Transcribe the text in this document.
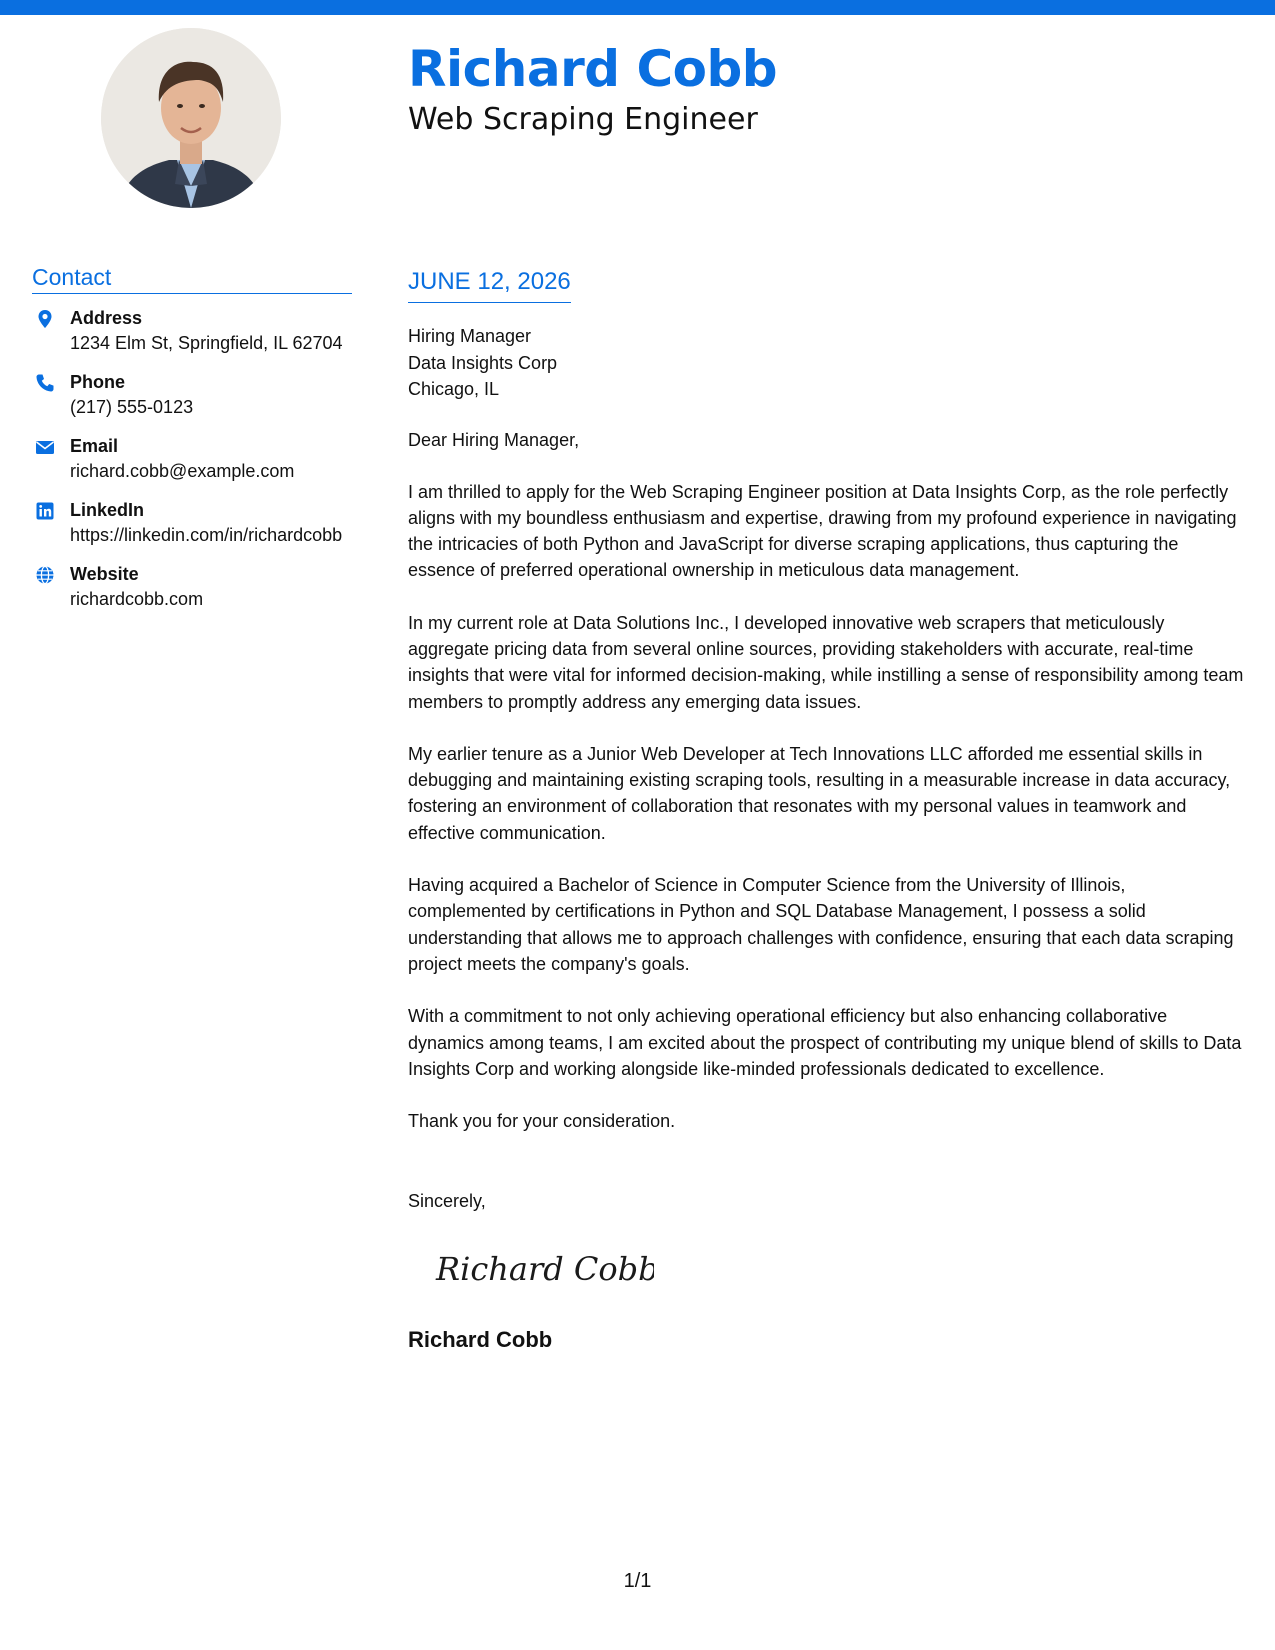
Richard Cobb
Web Scraping Engineer
Contact
Address
1234 Elm St, Springfield, IL 62704
Phone
(217) 555-0123
Email
richard.cobb@example.com
LinkedIn
https://linkedin.com/in/richardcobb
Website
richardcobb.com
JUNE 12, 2026
Hiring Manager
Data Insights Corp
Chicago, IL
Dear Hiring Manager,

I am thrilled to apply for the Web Scraping Engineer position at Data Insights Corp, as the role perfectly aligns with my boundless enthusiasm and expertise, drawing from my profound experience in navigating the intricacies of both Python and JavaScript for diverse scraping applications, thus capturing the essence of preferred operational ownership in meticulous data management.

In my current role at Data Solutions Inc., I developed innovative web scrapers that meticulously aggregate pricing data from several online sources, providing stakeholders with accurate, real-time insights that were vital for informed decision-making, while instilling a sense of responsibility among team members to promptly address any emerging data issues.

My earlier tenure as a Junior Web Developer at Tech Innovations LLC afforded me essential skills in debugging and maintaining existing scraping tools, resulting in a measurable increase in data accuracy, fostering an environment of collaboration that resonates with my personal values in teamwork and effective communication.

Having acquired a Bachelor of Science in Computer Science from the University of Illinois, complemented by certifications in Python and SQL Database Management, I possess a solid understanding that allows me to approach challenges with confidence, ensuring that each data scraping project meets the company's goals.

With a commitment to not only achieving operational efficiency but also enhancing collaborative dynamics among teams, I am excited about the prospect of contributing my unique blend of skills to Data Insights Corp and working alongside like-minded professionals dedicated to excellence.

Thank you for your consideration.

Sincerely,
Richard Cobb
Richard Cobb
1/1
